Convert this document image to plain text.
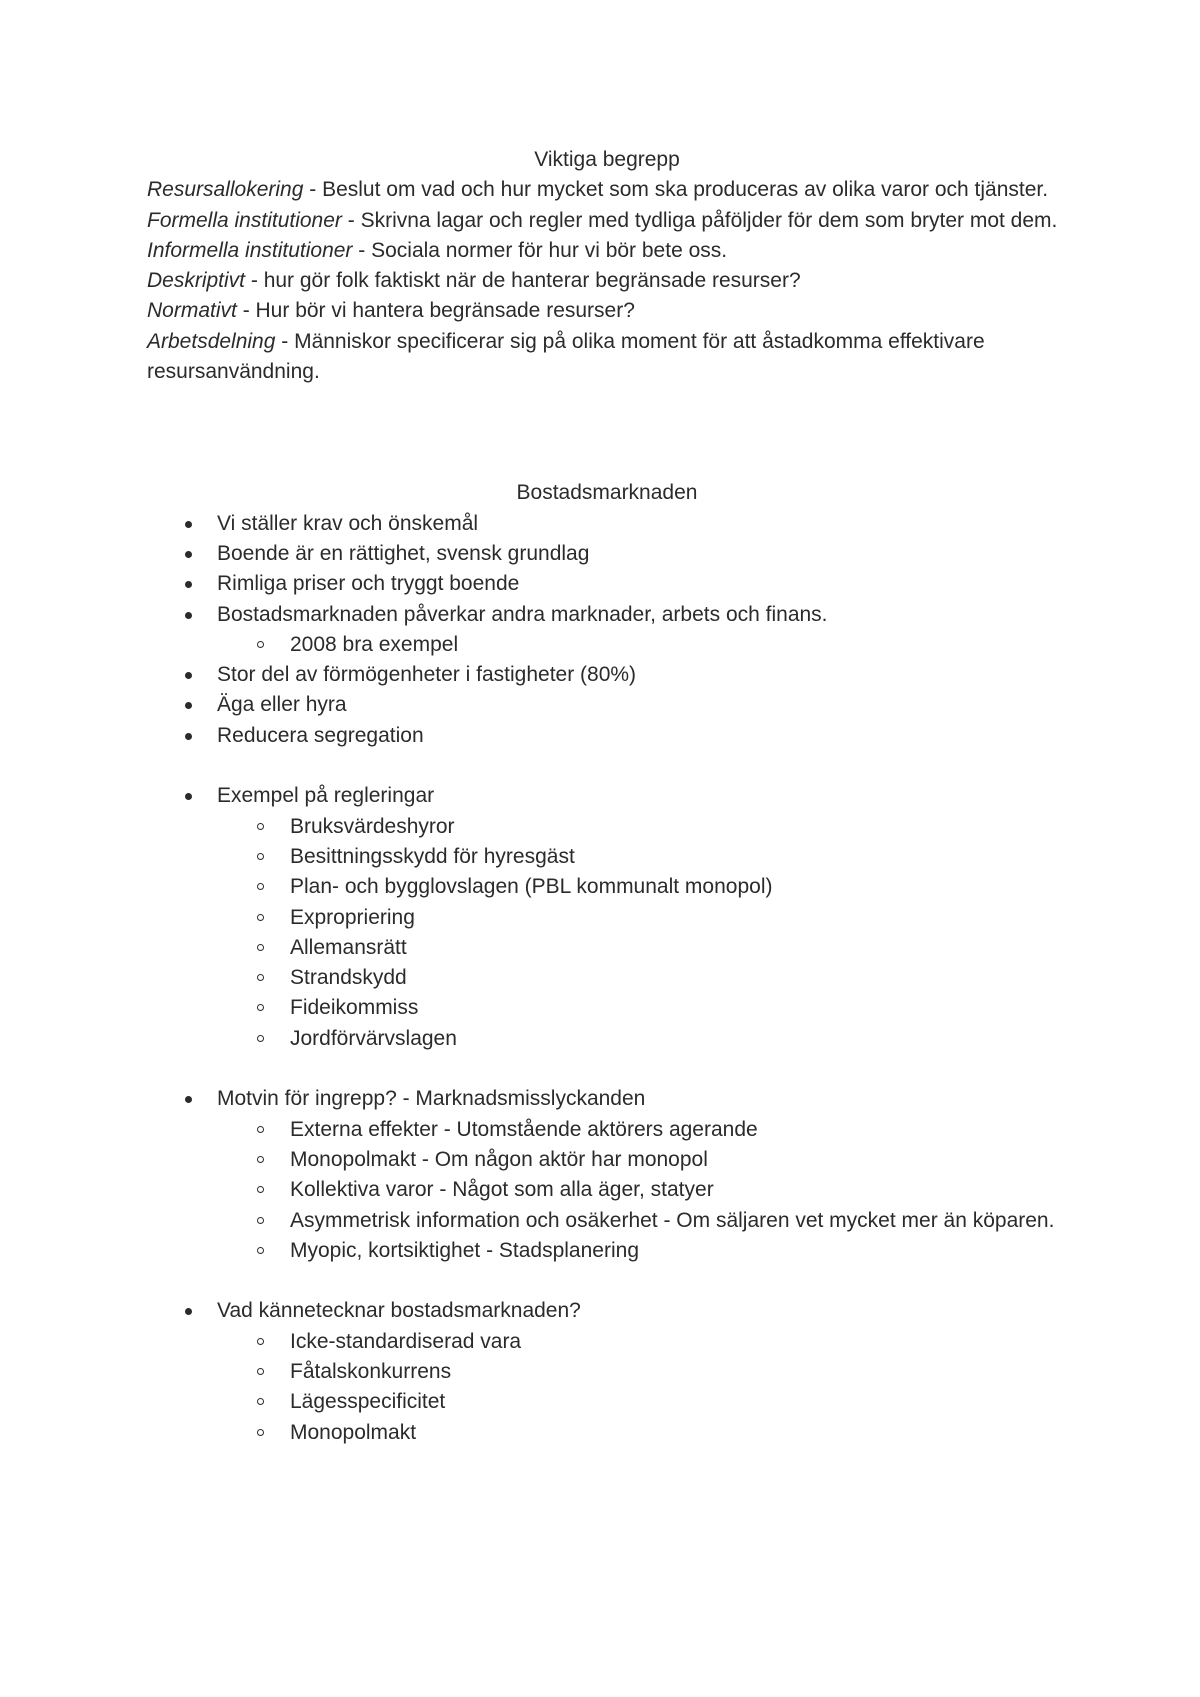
Viktiga begrepp

Resursallokering - Beslut om vad och hur mycket som ska produceras av olika varor och tjänster.

Formella institutioner - Skrivna lagar och regler med tydliga påföljder för dem som bryter mot dem.

Informella institutioner - Sociala normer för hur vi bör bete oss.

Deskriptivt - hur gör folk faktiskt när de hanterar begränsade resurser?

Normativt - Hur bör vi hantera begränsade resurser?

Arbetsdelning - Människor specificerar sig på olika moment för att åstadkomma effektivare resursanvändning.

Bostadsmarknaden

Vi ställer krav och önskemål
Boende är en rättighet, svensk grundlag
Rimliga priser och tryggt boende
Bostadsmarknaden påverkar andra marknader, arbets och finans.
2008 bra exempel
Stor del av förmögenheter i fastigheter (80%)
Äga eller hyra
Reducera segregation
Exempel på regleringar
Bruksvärdeshyror
Besittningsskydd för hyresgäst
Plan- och bygglovslagen (PBL kommunalt monopol)
Expropriering
Allemansrätt
Strandskydd
Fideikommiss
Jordförvärvslagen
Motvin för ingrepp? - Marknadsmisslyckanden
Externa effekter - Utomstående aktörers agerande
Monopolmakt - Om någon aktör har monopol
Kollektiva varor - Något som alla äger, statyer
Asymmetrisk information och osäkerhet - Om säljaren vet mycket mer än köparen.
Myopic, kortsiktighet - Stadsplanering
Vad kännetecknar bostadsmarknaden?
Icke-standardiserad vara
Fåtalskonkurrens
Lägesspecificitet
Monopolmakt
